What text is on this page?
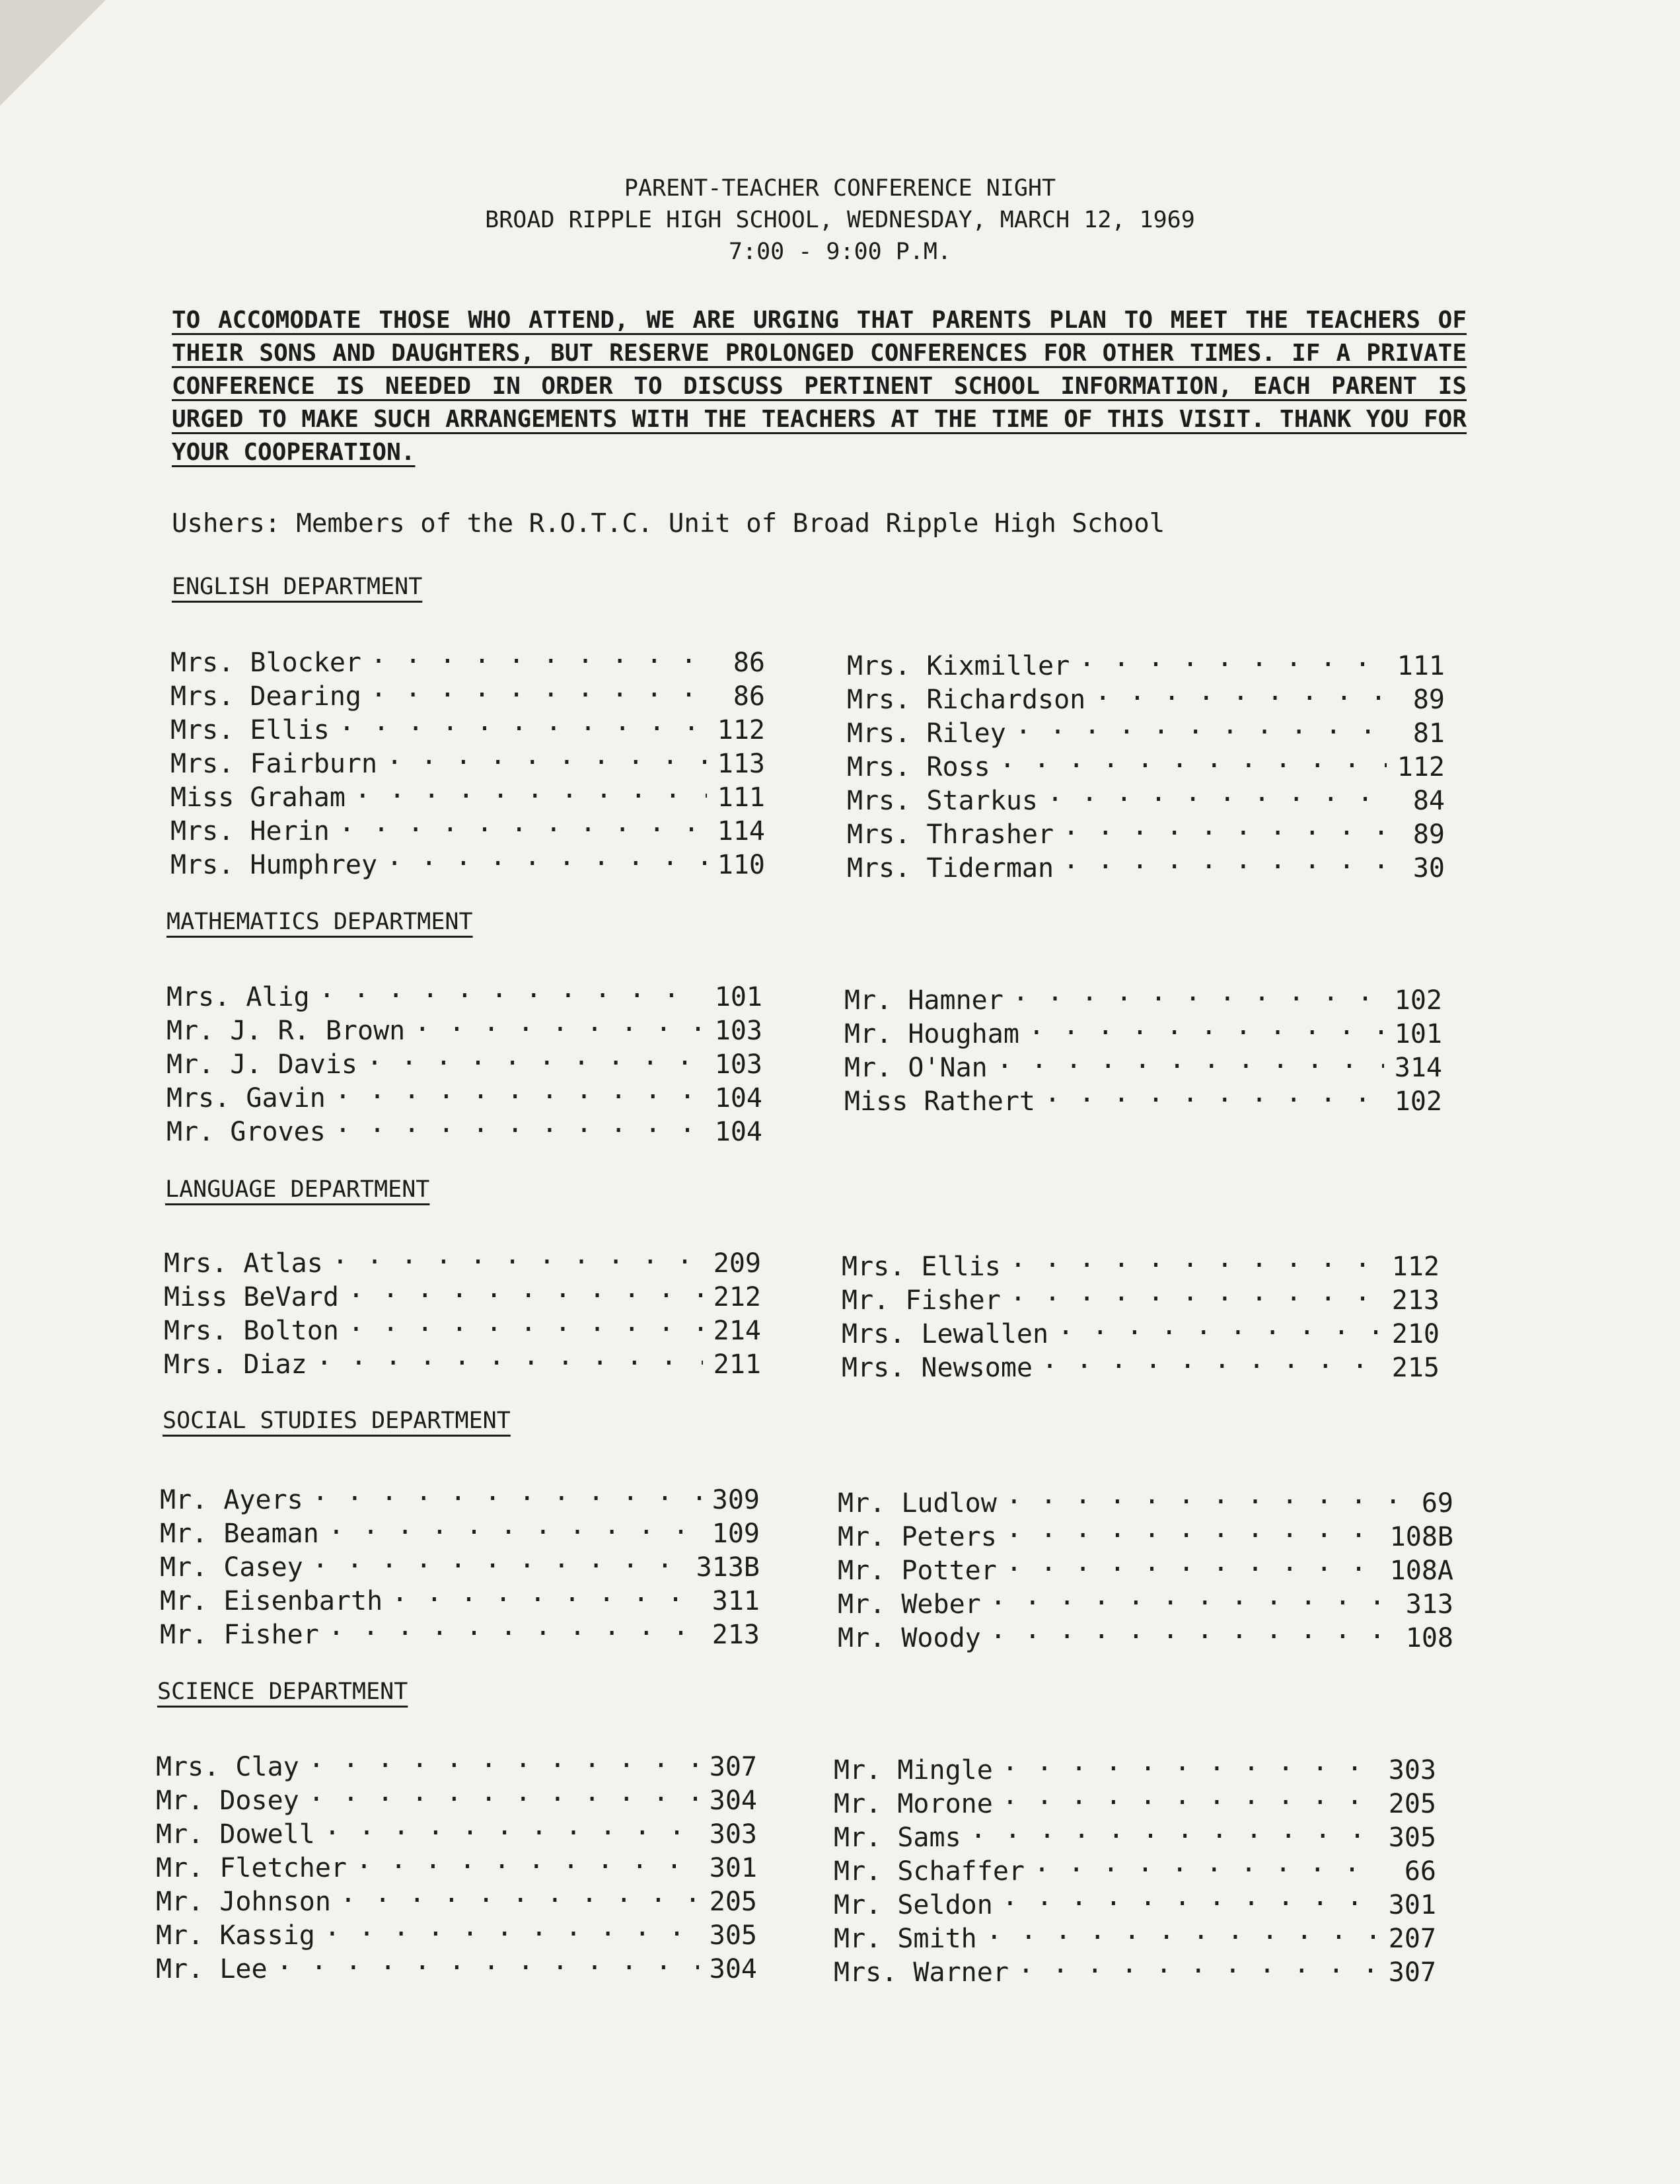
PARENT-TEACHER CONFERENCE NIGHT
BROAD RIPPLE HIGH SCHOOL, WEDNESDAY, MARCH 12, 1969
7:00 - 9:00 P.M.
TO ACCOMODATE THOSE WHO ATTEND, WE ARE URGING THAT PARENTS PLAN TO MEET THE TEACHERS OF THEIR SONS AND DAUGHTERS, BUT RESERVE PROLONGED CONFERENCES FOR OTHER TIMES. IF A PRIVATE CONFERENCE IS NEEDED IN ORDER TO DISCUSS PERTINENT SCHOOL INFORMATION, EACH PARENT IS URGED TO MAKE SUCH ARRANGEMENTS WITH THE TEACHERS AT THE TIME OF THIS VISIT. THANK YOU FOR YOUR COOPERATION.
Ushers: Members of the R.O.T.C. Unit of Broad Ripple High School
ENGLISH DEPARTMENT
Mrs. Blocker . . .	86
Mrs. Dearing . . .	86
Mrs. Ellis . . .	112
Mrs. Fairburn . . .	113
Miss Graham . . .	111
Mrs. Herin . . .	114
Mrs. Humphrey . . .	110
Mrs. Kixmiller . . .	111
Mrs. Richardson . . .	89
Mrs. Riley . . .	81
Mrs. Ross . . .	112
Mrs. Starkus . . .	84
Mrs. Thrasher . . .	89
Mrs. Tiderman . . .	30
MATHEMATICS DEPARTMENT
Mrs. Alig . . .	101
Mr. J. R. Brown . . .	103
Mr. J. Davis . . .	103
Mrs. Gavin . . .	104
Mr. Groves . . .	104
Mr. Hamner . . .	102
Mr. Hougham . . .	101
Mr. O'Nan . . .	314
Miss Rathert . . .	102
LANGUAGE DEPARTMENT
Mrs. Atlas . . .	209
Miss BeVard . . .	212
Mrs. Bolton . . .	214
Mrs. Diaz . . .	211
Mrs. Ellis . . .	112
Mr. Fisher . . .	213
Mrs. Lewallen . . .	210
Mrs. Newsome . . .	215
SOCIAL STUDIES DEPARTMENT
Mr. Ayers . . .	309
Mr. Beaman . . .	109
Mr. Casey . . .	313B
Mr. Eisenbarth . . .	311
Mr. Fisher . . .	213
Mr. Ludlow . . .	69
Mr. Peters . . .	108B
Mr. Potter . . .	108A
Mr. Weber . . .	313
Mr. Woody . . .	108
SCIENCE DEPARTMENT
Mrs. Clay . . .	307
Mr. Dosey . . .	304
Mr. Dowell . . .	303
Mr. Fletcher . . .	301
Mr. Johnson . . .	205
Mr. Kassig . . .	305
Mr. Lee . . .	304
Mr. Mingle . . .	303
Mr. Morone . . .	205
Mr. Sams . . .	305
Mr. Schaffer . . .	66
Mr. Seldon . . .	301
Mr. Smith . . .	207
Mrs. Warner . . .	307
